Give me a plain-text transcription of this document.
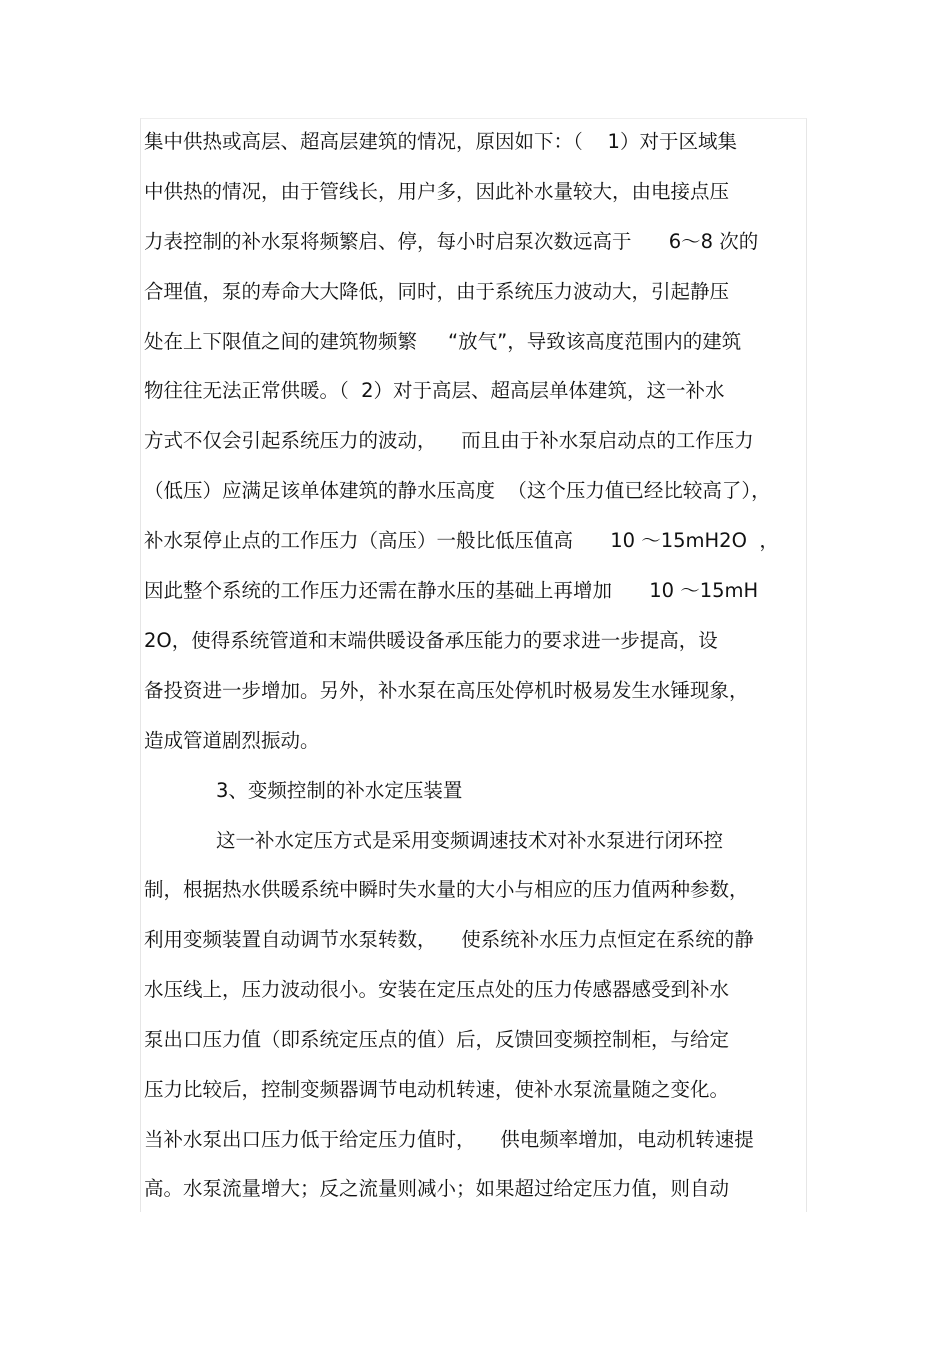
集中供热或高层、超高层建筑的情况，原因如下：（    1）对于区域集
中供热的情况，由于管线长，用户多，因此补水量较大，由电接点压
力表控制的补水泵将频繁启、停，每小时启泵次数远高于      6～8 次的
合理值，泵的寿命大大降低，同时，由于系统压力波动大，引起静压
处在上下限值之间的建筑物频繁     “放气”，导致该高度范围内的建筑
物往往无法正常供暖。（  2）对于高层、超高层单体建筑，这一补水
方式不仅会引起系统压力的波动，    而且由于补水泵启动点的工作压力
（低压）应满足该单体建筑的静水压高度  （这个压力值已经比较高了），
补水泵停止点的工作压力（高压）一般比低压值高      10 ～15mH2O  ，
因此整个系统的工作压力还需在静水压的基础上再增加      10 ～15mH
2O，使得系统管道和末端供暖设备承压能力的要求进一步提高，设
备投资进一步增加。另外，补水泵在高压处停机时极易发生水锤现象，
造成管道剧烈振动。
3、变频控制的补水定压装置
这一补水定压方式是采用变频调速技术对补水泵进行闭环控
制，根据热水供暖系统中瞬时失水量的大小与相应的压力值两种参数，
利用变频装置自动调节水泵转数，    使系统补水压力点恒定在系统的静
水压线上，压力波动很小。安装在定压点处的压力传感器感受到补水
泵出口压力值（即系统定压点的值）后，反馈回变频控制柜，与给定
压力比较后，控制变频器调节电动机转速，使补水泵流量随之变化。
当补水泵出口压力低于给定压力值时，    供电频率增加，电动机转速提
高。水泵流量增大；反之流量则减小；如果超过给定压力值，则自动
